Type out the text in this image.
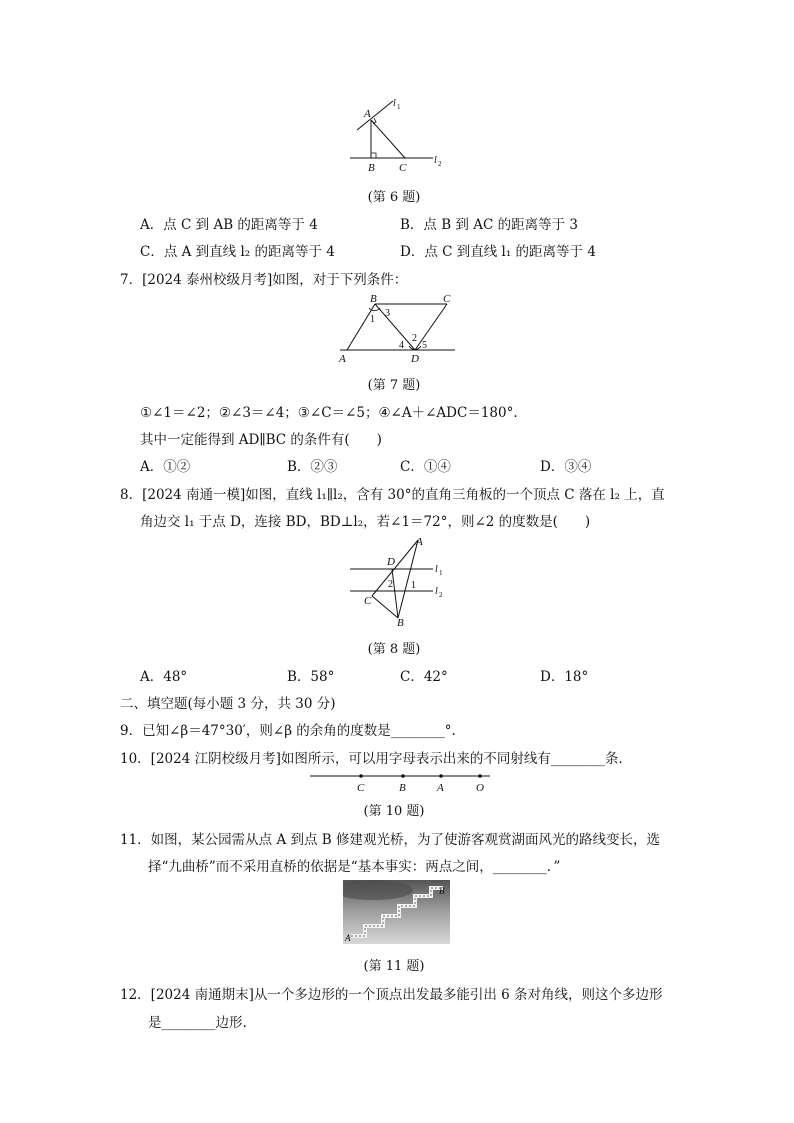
A
l 1
l 2
B C
(第 6 题)
A．点 C 到 AB 的距离等于 4	B．点 B 到 AC 的距离等于 3
C．点 A 到直线 l₂ 的距离等于 4	D．点 C 到直线 l₁ 的距离等于 4
7．[2024 泰州校级月考]如图，对于下列条件：
B	C
A	D
1
3
2
4 5
(第 7 题)
①∠1＝∠2；②∠3＝∠4；③∠C＝∠5；④∠A＋∠ADC＝180°.
其中一定能得到 AD∥BC 的条件有(　　)
A．①②	B．②③	C．①④	D．③④
8．[2024 南通一模]如图，直线 l₁∥l₂，含有 30°的直角三角板的一个顶点 C 落在 l₂ 上，直
角边交 l₁ 于点 D，连接 BD，BD⊥l₂，若∠1＝72°，则∠2 的度数是(　　)
A
D
C
B
2 1
l 1
l 2
(第 8 题)
A．48°	B．58°	C．42°	D．18°
二、填空题(每小题 3 分，共 30 分)
9．已知∠β＝47°30′，则∠β 的余角的度数是________°.
10．[2024 江阴校级月考]如图所示，可以用字母表示出来的不同射线有________条.
C	B	A	O
(第 10 题)
11．如图，某公园需从点 A 到点 B 修建观光桥，为了使游客观赏湖面风光的路线变长，选
择“九曲桥”而不采用直桥的依据是“基本事实：两点之间，________．”
A
B
(第 11 题)
12．[2024 南通期末]从一个多边形的一个顶点出发最多能引出 6 条对角线，则这个多边形
是________边形.
